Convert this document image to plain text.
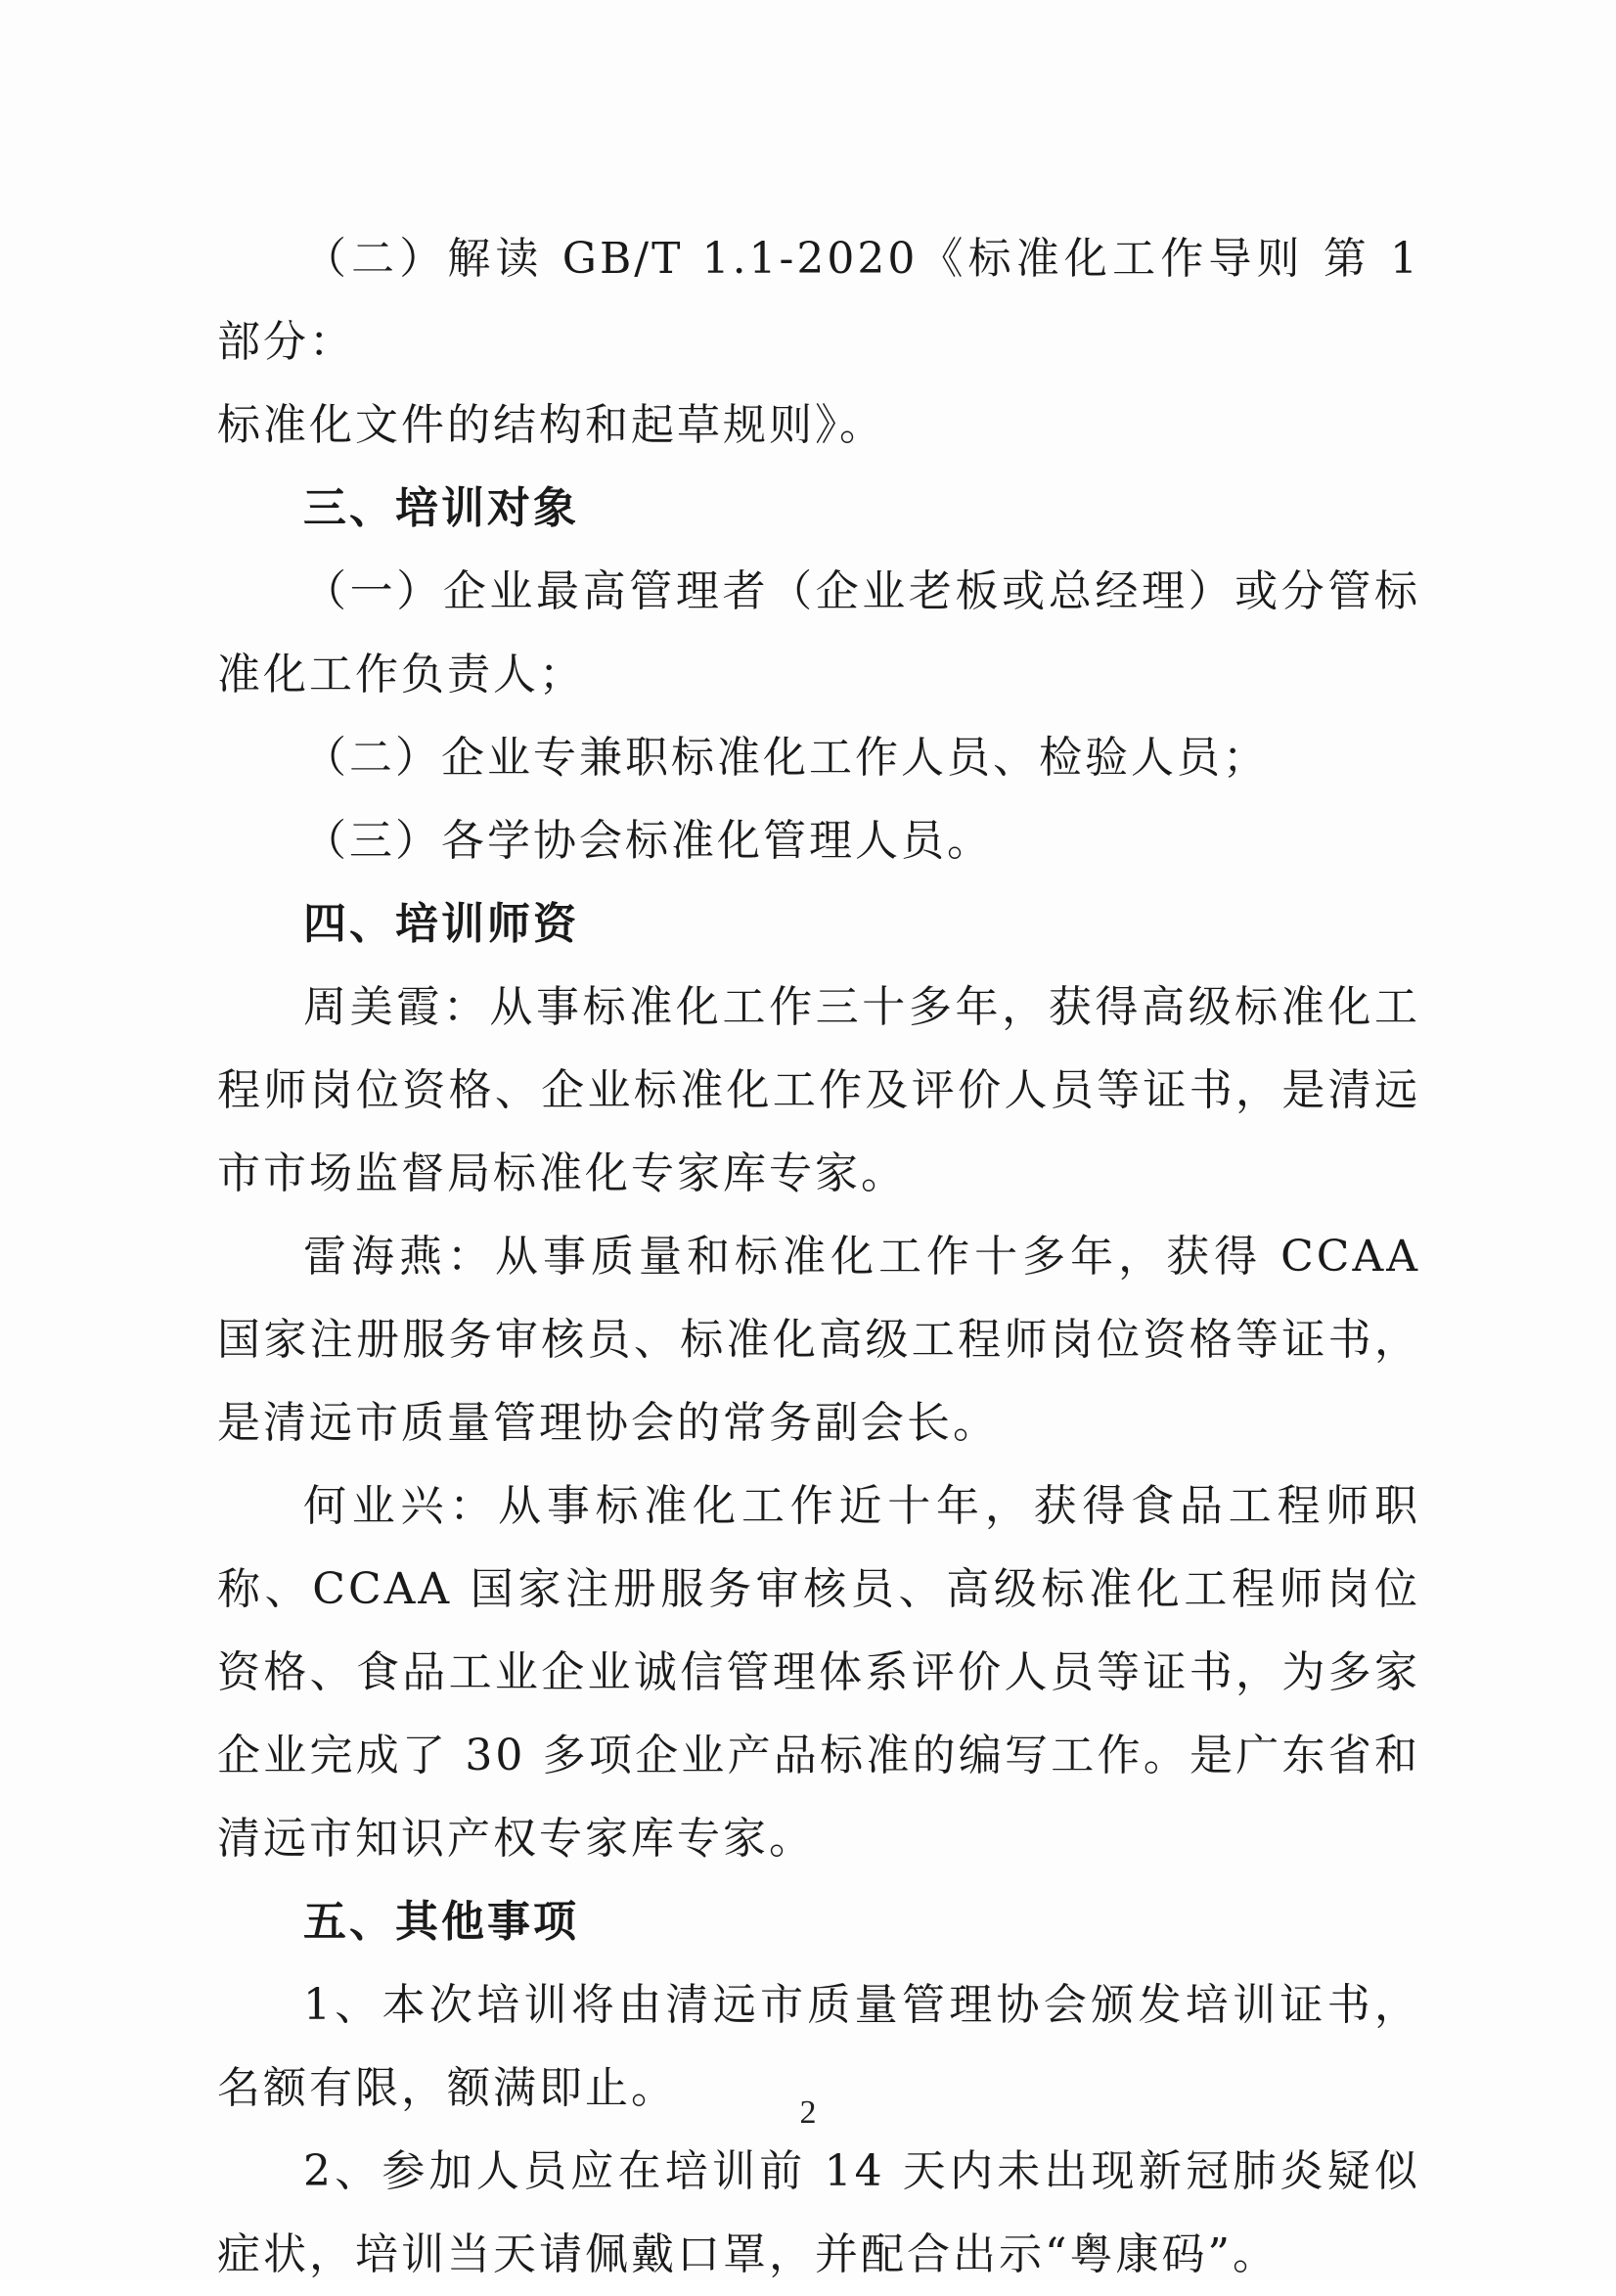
（二）解读 GB/T 1.1-2020《标准化工作导则 第 1 部分：

标准化文件的结构和起草规则》。

三、培训对象

（一）企业最高管理者（企业老板或总经理）或分管标准化工作负责人；

（二）企业专兼职标准化工作人员、检验人员；

（三）各学协会标准化管理人员。

四、培训师资

周美霞：从事标准化工作三十多年，获得高级标准化工程师岗位资格、企业标准化工作及评价人员等证书，是清远市市场监督局标准化专家库专家。

雷海燕：从事质量和标准化工作十多年，获得 CCAA 国家注册服务审核员、标准化高级工程师岗位资格等证书，是清远市质量管理协会的常务副会长。

何业兴：从事标准化工作近十年，获得食品工程师职称、CCAA 国家注册服务审核员、高级标准化工程师岗位资格、食品工业企业诚信管理体系评价人员等证书，为多家企业完成了 30 多项企业产品标准的编写工作。是广东省和清远市知识产权专家库专家。

五、其他事项

1、本次培训将由清远市质量管理协会颁发培训证书，名额有限，额满即止。

2、参加人员应在培训前 14 天内未出现新冠肺炎疑似症状，培训当天请佩戴口罩，并配合出示“粤康码”。

2
